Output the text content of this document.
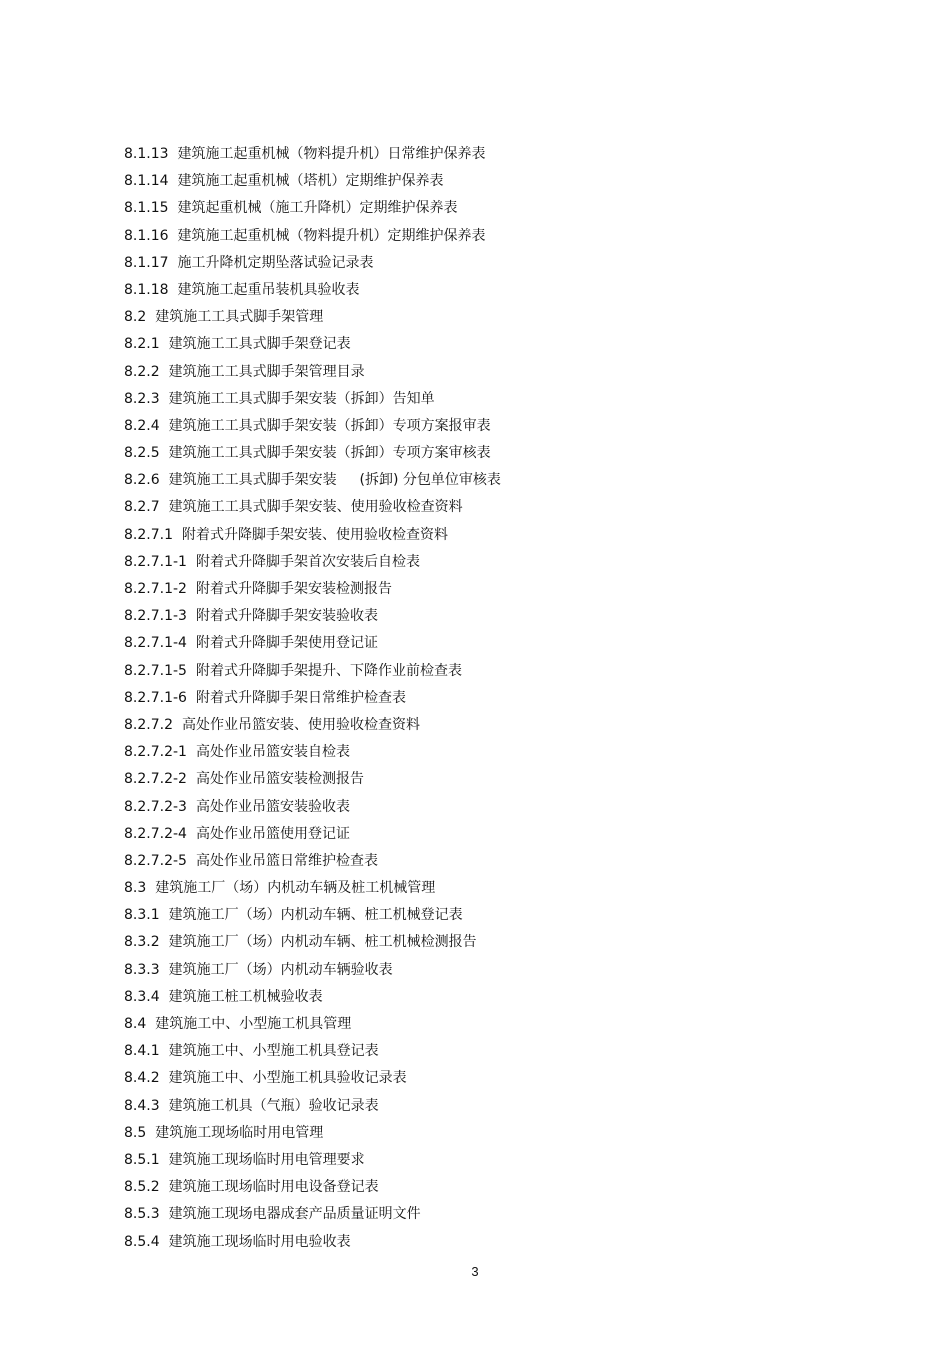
8.1.13 建筑施工起重机械（物料提升机）日常维护保养表
8.1.14 建筑施工起重机械（塔机）定期维护保养表
8.1.15 建筑起重机械（施工升降机）定期维护保养表
8.1.16 建筑施工起重机械（物料提升机）定期维护保养表
8.1.17 施工升降机定期坠落试验记录表
8.1.18 建筑施工起重吊装机具验收表
8.2 建筑施工工具式脚手架管理
8.2.1 建筑施工工具式脚手架登记表
8.2.2 建筑施工工具式脚手架管理目录
8.2.3 建筑施工工具式脚手架安装（拆卸）告知单
8.2.4 建筑施工工具式脚手架安装（拆卸）专项方案报审表
8.2.5 建筑施工工具式脚手架安装（拆卸）专项方案审核表
8.2.6 建筑施工工具式脚手架安装 　 (拆卸) 分包单位审核表
8.2.7 建筑施工工具式脚手架安装、使用验收检查资料
8.2.7.1 附着式升降脚手架安装、使用验收检查资料
8.2.7.1-1 附着式升降脚手架首次安装后自检表
8.2.7.1-2 附着式升降脚手架安装检测报告
8.2.7.1-3 附着式升降脚手架安装验收表
8.2.7.1-4 附着式升降脚手架使用登记证
8.2.7.1-5 附着式升降脚手架提升、下降作业前检查表
8.2.7.1-6 附着式升降脚手架日常维护检查表
8.2.7.2 高处作业吊篮安装、使用验收检查资料
8.2.7.2-1 高处作业吊篮安装自检表
8.2.7.2-2 高处作业吊篮安装检测报告
8.2.7.2-3 高处作业吊篮安装验收表
8.2.7.2-4 高处作业吊篮使用登记证
8.2.7.2-5 高处作业吊篮日常维护检查表
8.3 建筑施工厂（场）内机动车辆及桩工机械管理
8.3.1 建筑施工厂（场）内机动车辆、桩工机械登记表
8.3.2 建筑施工厂（场）内机动车辆、桩工机械检测报告
8.3.3 建筑施工厂（场）内机动车辆验收表
8.3.4 建筑施工桩工机械验收表
8.4 建筑施工中、小型施工机具管理
8.4.1 建筑施工中、小型施工机具登记表
8.4.2 建筑施工中、小型施工机具验收记录表
8.4.3 建筑施工机具（气瓶）验收记录表
8.5 建筑施工现场临时用电管理
8.5.1 建筑施工现场临时用电管理要求
8.5.2 建筑施工现场临时用电设备登记表
8.5.3 建筑施工现场电器成套产品质量证明文件
8.5.4 建筑施工现场临时用电验收表
3
